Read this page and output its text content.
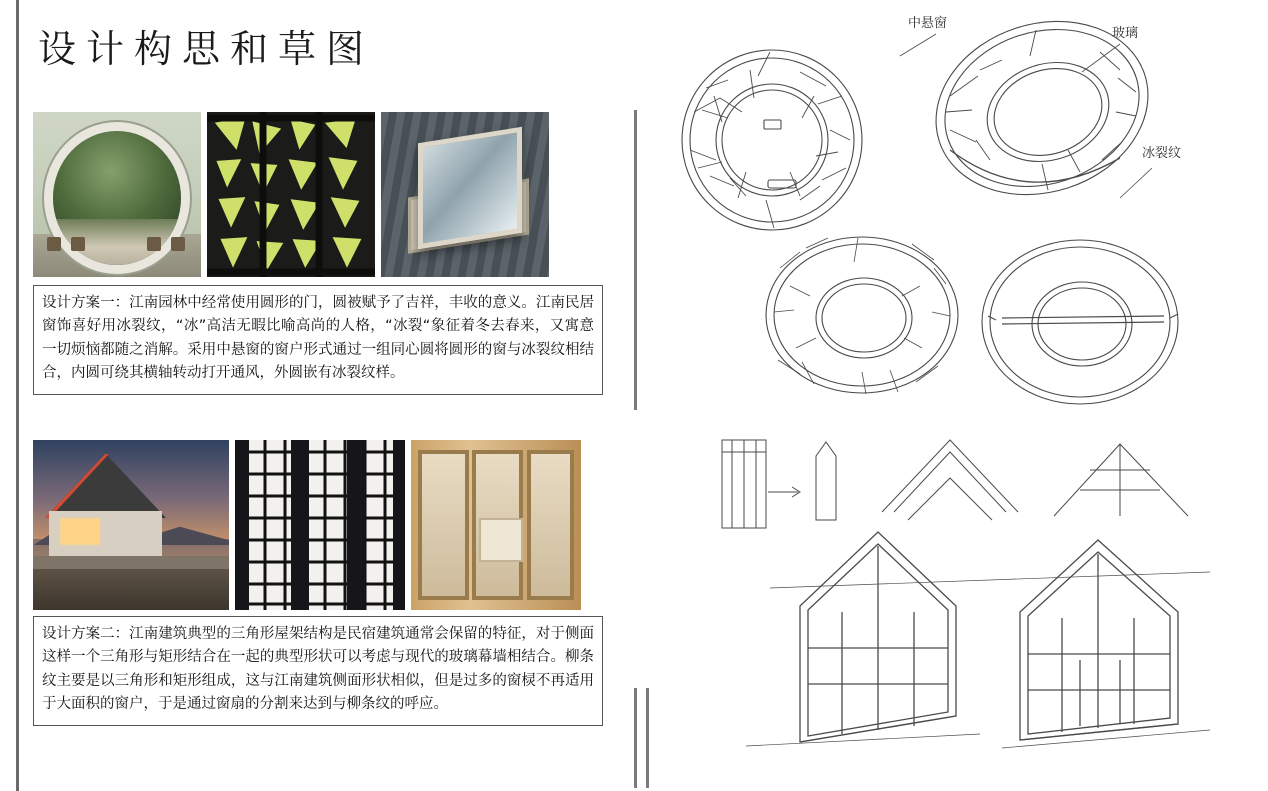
设计构思和草图
设计方案一：江南园林中经常使用圆形的门，圆被赋予了吉祥，丰收的意义。江南民居窗饰喜好用冰裂纹，“冰”高洁无暇比喻高尚的人格，“冰裂“象征着冬去春来，又寓意一切烦恼都随之消解。采用中悬窗的窗户形式通过一组同心圆将圆形的窗与冰裂纹相结合，内圆可绕其横轴转动打开通风，外圆嵌有冰裂纹样。
设计方案二：江南建筑典型的三角形屋架结构是民宿建筑通常会保留的特征，对于侧面这样一个三角形与矩形结合在一起的典型形状可以考虑与现代的玻璃幕墙相结合。柳条纹主要是以三角形和矩形组成，这与江南建筑侧面形状相似，但是过多的窗棂不再适用于大面积的窗户，于是通过窗扇的分割来达到与柳条纹的呼应。
中悬窗
玻璃
冰裂纹
